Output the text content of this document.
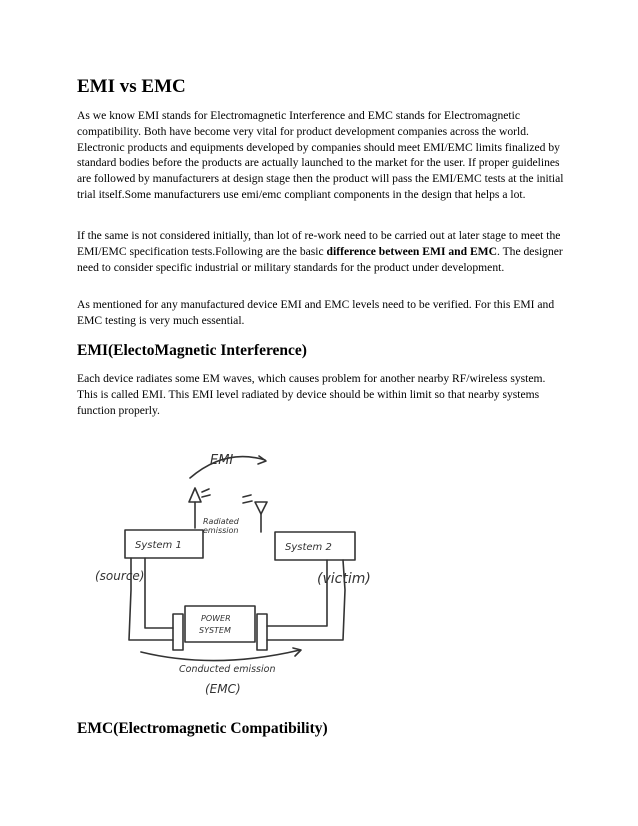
EMI vs EMC

As we know EMI stands for Electromagnetic Interference and EMC stands for Electromagnetic compatibility. Both have become very vital for product development companies across the world. Electronic products and equipments developed by companies should meet EMI/EMC limits finalized by standard bodies before the products are actually launched to the market for the user. If proper guidelines are followed by manufacturers at design stage then the product will pass the EMI/EMC tests at the initial trial itself.Some manufacturers use emi/emc compliant components in the design that helps a lot.

If the same is not considered initially, than lot of re-work need to be carried out at later stage to meet the EMI/EMC specification tests.Following are the basic difference between EMI and EMC. The designer need to consider specific industrial or military standards for the product under development.

As mentioned for any manufactured device EMI and EMC levels need to be verified. For this EMI and EMC testing is very much essential.

EMI(ElectoMagnetic Interference)

Each device radiates some EM waves, which causes problem for another nearby RF/wireless system. This is called EMI. This EMI level radiated by device should be within limit so that nearby systems function properly.

EMI
System 1	System 2
Radiated
emission
(source)	(victim)
POWER
SYSTEM
Conducted emission
(EMC)
EMC(Electromagnetic Compatibility)
